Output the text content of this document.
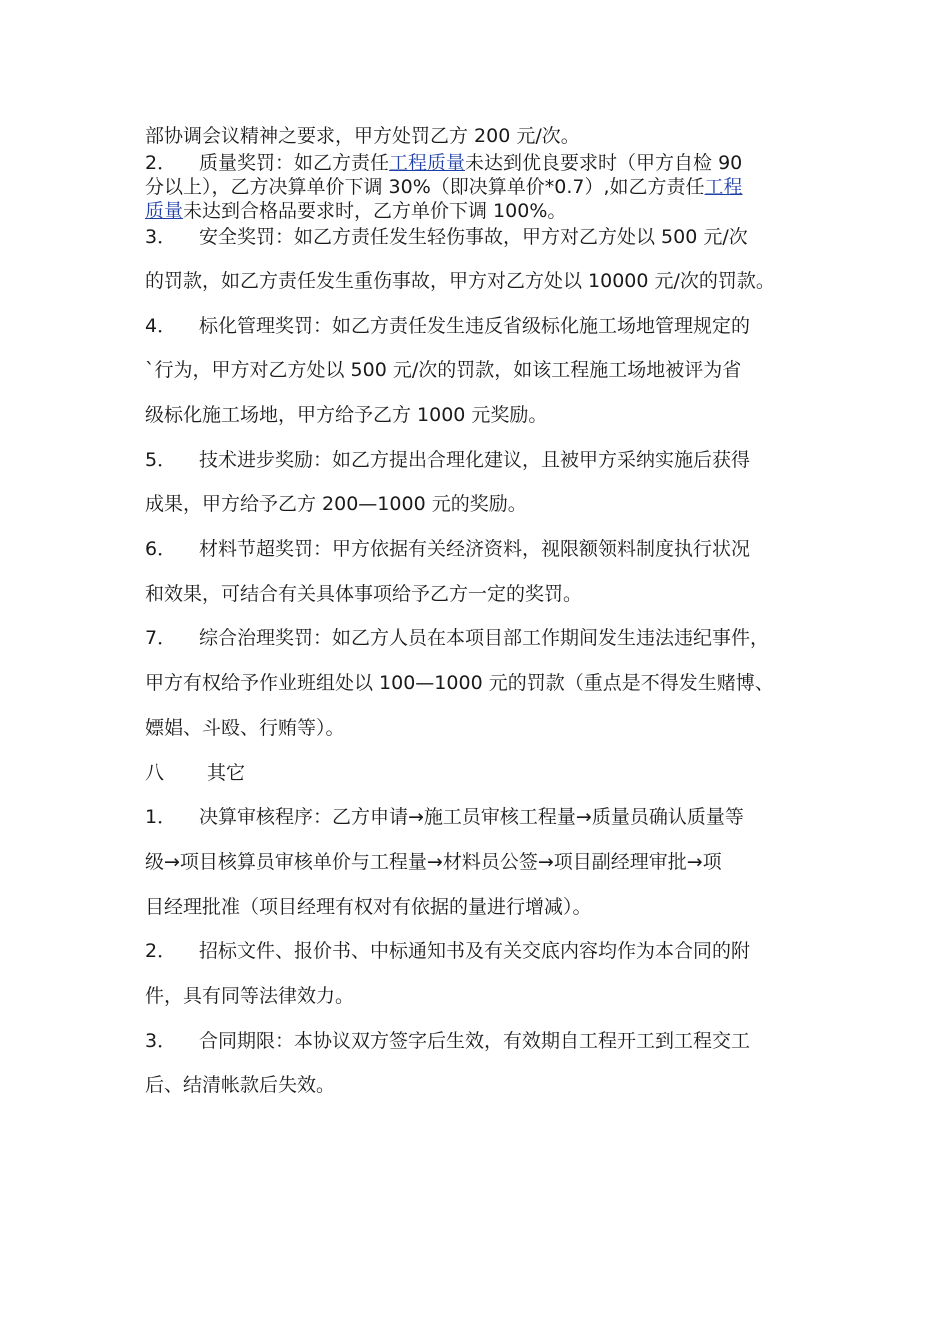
部协调会议精神之要求，甲方处罚乙方 200 元/次。
2． 质量奖罚：如乙方责任工程质量未达到优良要求时（甲方自检 90
分以上），乙方决算单价下调 30%（即决算单价*0.7）,如乙方责任工程
质量未达到合格品要求时，乙方单价下调 100%。
3． 安全奖罚：如乙方责任发生轻伤事故，甲方对乙方处以 500 元/次
的罚款，如乙方责任发生重伤事故，甲方对乙方处以 10000 元/次的罚款。
4． 标化管理奖罚：如乙方责任发生违反省级标化施工场地管理规定的
`行为，甲方对乙方处以 500 元/次的罚款，如该工程施工场地被评为省
级标化施工场地，甲方给予乙方 1000 元奖励。
5． 技术进步奖励：如乙方提出合理化建议，且被甲方采纳实施后获得
成果，甲方给予乙方 200—1000 元的奖励。
6． 材料节超奖罚：甲方依据有关经济资料，视限额领料制度执行状况
和效果，可结合有关具体事项给予乙方一定的奖罚。
7． 综合治理奖罚：如乙方人员在本项目部工作期间发生违法违纪事件，
甲方有权给予作业班组处以 100—1000 元的罚款（重点是不得发生赌博、
嫖娼、斗殴、行贿等）。
八 其它
1． 决算审核程序：乙方申请→施工员审核工程量→质量员确认质量等
级→项目核算员审核单价与工程量→材料员公签→项目副经理审批→项
目经理批准（项目经理有权对有依据的量进行增减）。
2． 招标文件、报价书、中标通知书及有关交底内容均作为本合同的附
件，具有同等法律效力。
3． 合同期限：本协议双方签字后生效，有效期自工程开工到工程交工
后、结清帐款后失效。
